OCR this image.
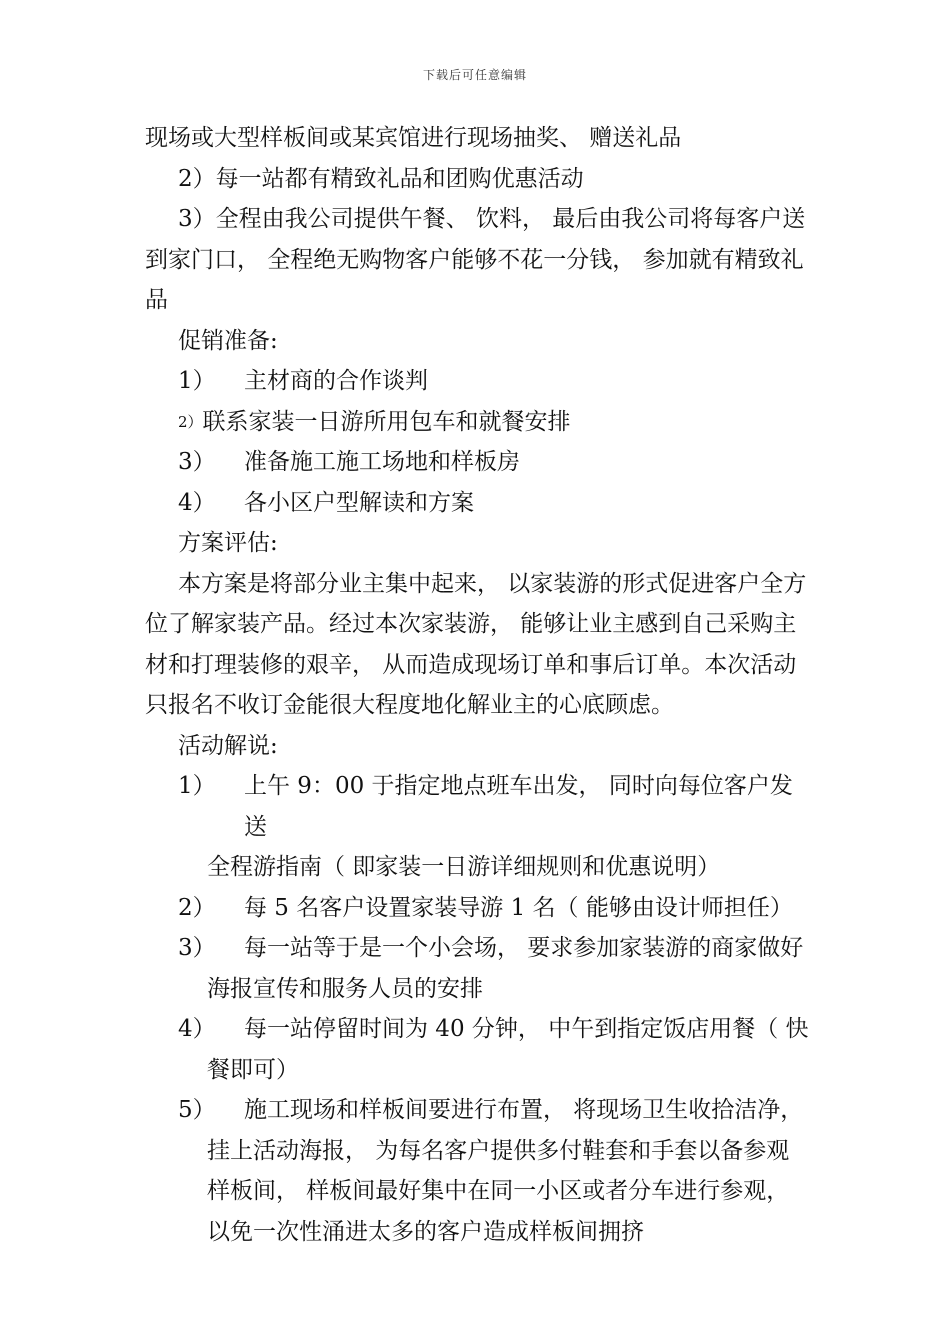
下载后可任意编辑
现场或大型样板间或某宾馆进行现场抽奖、 赠送礼品
2）每一站都有精致礼品和团购优惠活动
3）全程由我公司提供午餐、 饮料， 最后由我公司将每客户送
到家门口， 全程绝无购物客户能够不花一分钱， 参加就有精致礼
品
促销准备:
1）	主材商的合作谈判
2） 联系家装一日游所用包车和就餐安排
3）	准备施工施工场地和样板房
4）	各小区户型解读和方案
方案评估:
本方案是将部分业主集中起来， 以家装游的形式促进客户全方
位了解家装产品。经过本次家装游， 能够让业主感到自己采购主
材和打理装修的艰辛， 从而造成现场订单和事后订单。本次活动
只报名不收订金能很大程度地化解业主的心底顾虑。
活动解说:
1）	上午 9：00 于指定地点班车出发， 同时向每位客户发送
全程游指南（ 即家装一日游详细规则和优惠说明）
2）	每 5 名客户设置家装导游 1 名（ 能够由设计师担任）
3）	每一站等于是一个小会场， 要求参加家装游的商家做好
海报宣传和服务人员的安排
4）	每一站停留时间为 40 分钟， 中午到指定饭店用餐（ 快
餐即可）
5）	施工现场和样板间要进行布置， 将现场卫生收拾洁净，
挂上活动海报， 为每名客户提供多付鞋套和手套以备参观
样板间， 样板间最好集中在同一小区或者分车进行参观，
以免一次性涌进太多的客户造成样板间拥挤
